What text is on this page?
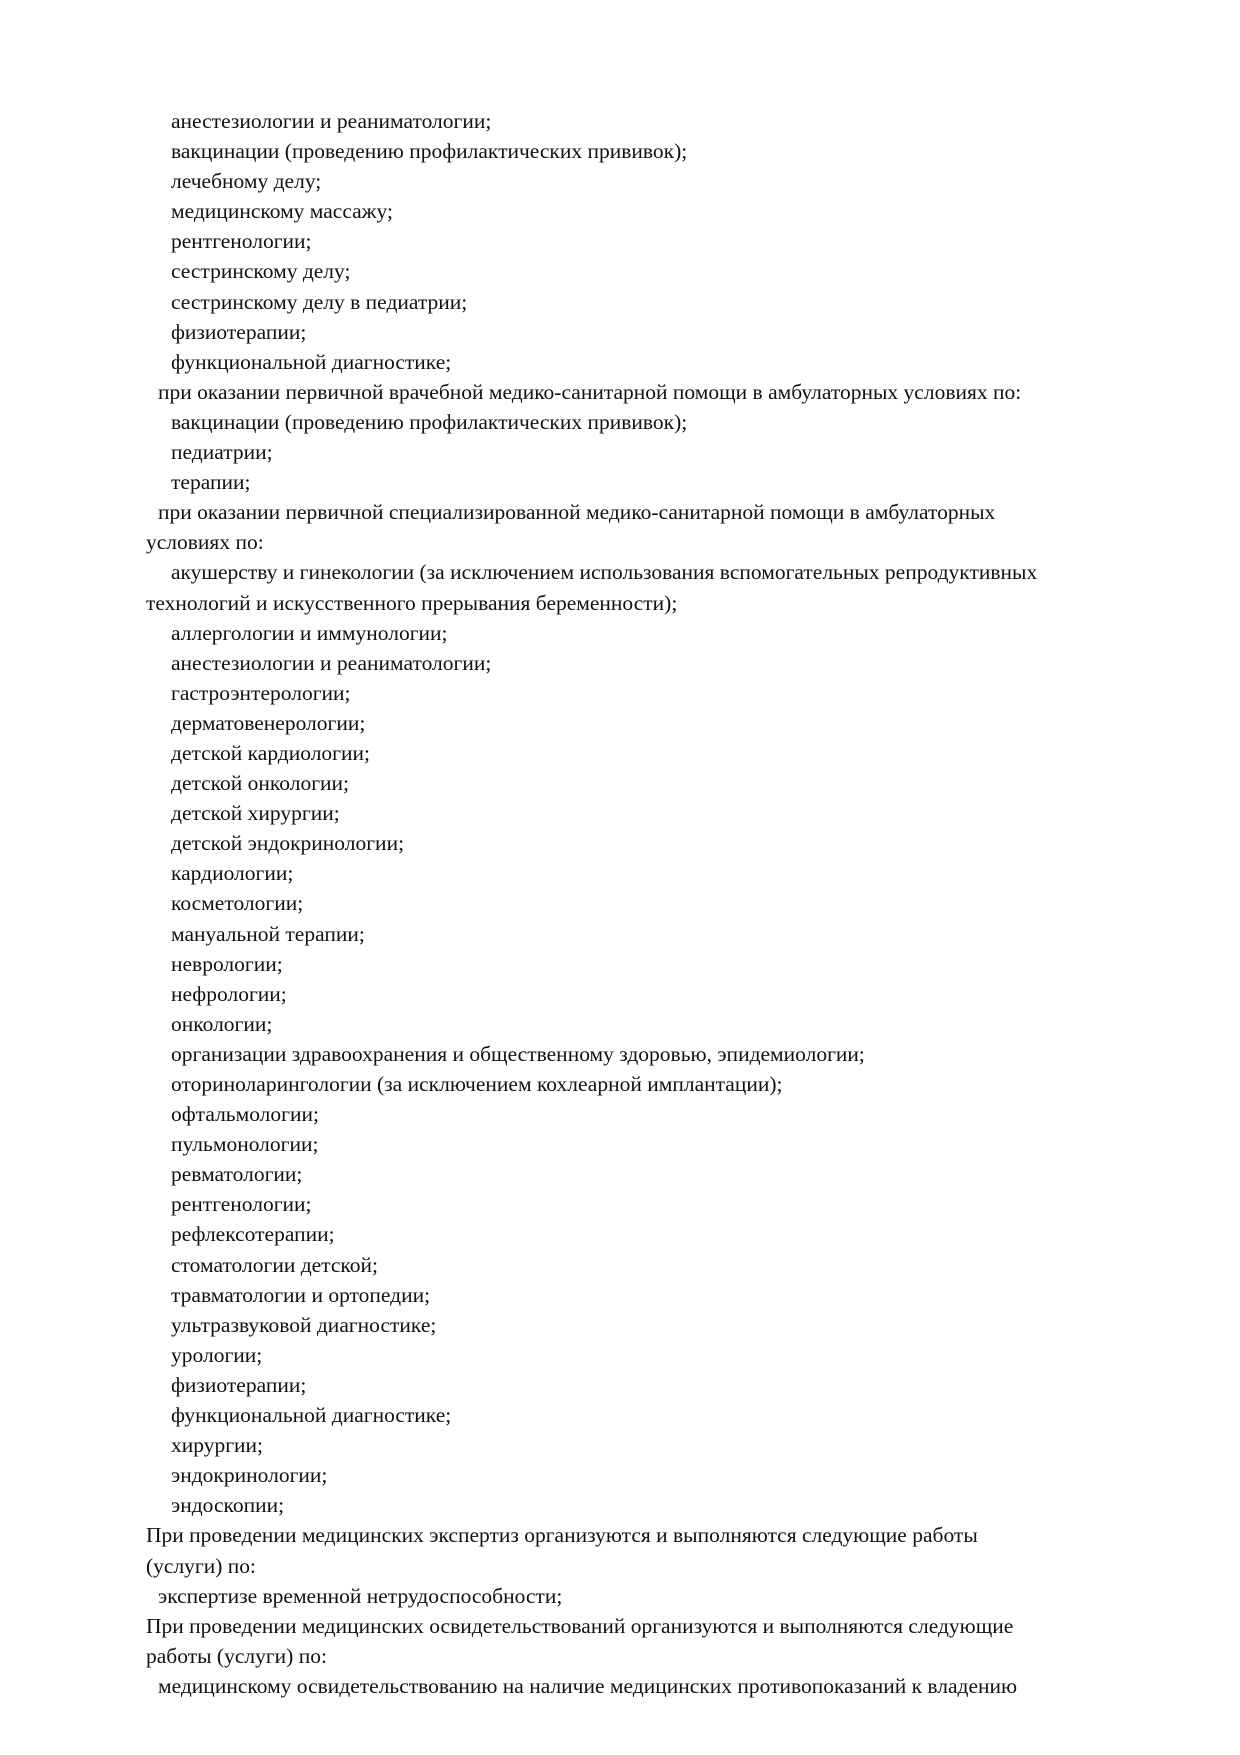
анестезиологии и реаниматологии;
вакцинации (проведению профилактических прививок);
лечебному делу;
медицинскому массажу;
рентгенологии;
сестринскому делу;
сестринскому делу в педиатрии;
физиотерапии;
функциональной диагностике;
при оказании первичной врачебной медико-санитарной помощи в амбулаторных условиях по:
вакцинации (проведению профилактических прививок);
педиатрии;
терапии;
при оказании первичной специализированной медико-санитарной помощи в амбулаторных
условиях по:
акушерству и гинекологии (за исключением использования вспомогательных репродуктивных
технологий и искусственного прерывания беременности);
аллергологии и иммунологии;
анестезиологии и реаниматологии;
гастроэнтерологии;
дерматовенерологии;
детской кардиологии;
детской онкологии;
детской хирургии;
детской эндокринологии;
кардиологии;
косметологии;
мануальной терапии;
неврологии;
нефрологии;
онкологии;
организации здравоохранения и общественному здоровью, эпидемиологии;
оториноларингологии (за исключением кохлеарной имплантации);
офтальмологии;
пульмонологии;
ревматологии;
рентгенологии;
рефлексотерапии;
стоматологии детской;
травматологии и ортопедии;
ультразвуковой диагностике;
урологии;
физиотерапии;
функциональной диагностике;
хирургии;
эндокринологии;
эндоскопии;
При проведении медицинских экспертиз организуются и выполняются следующие работы
(услуги) по:
экспертизе временной нетрудоспособности;
При проведении медицинских освидетельствований организуются и выполняются следующие
работы (услуги) по:
медицинскому освидетельствованию на наличие медицинских противопоказаний к владению
